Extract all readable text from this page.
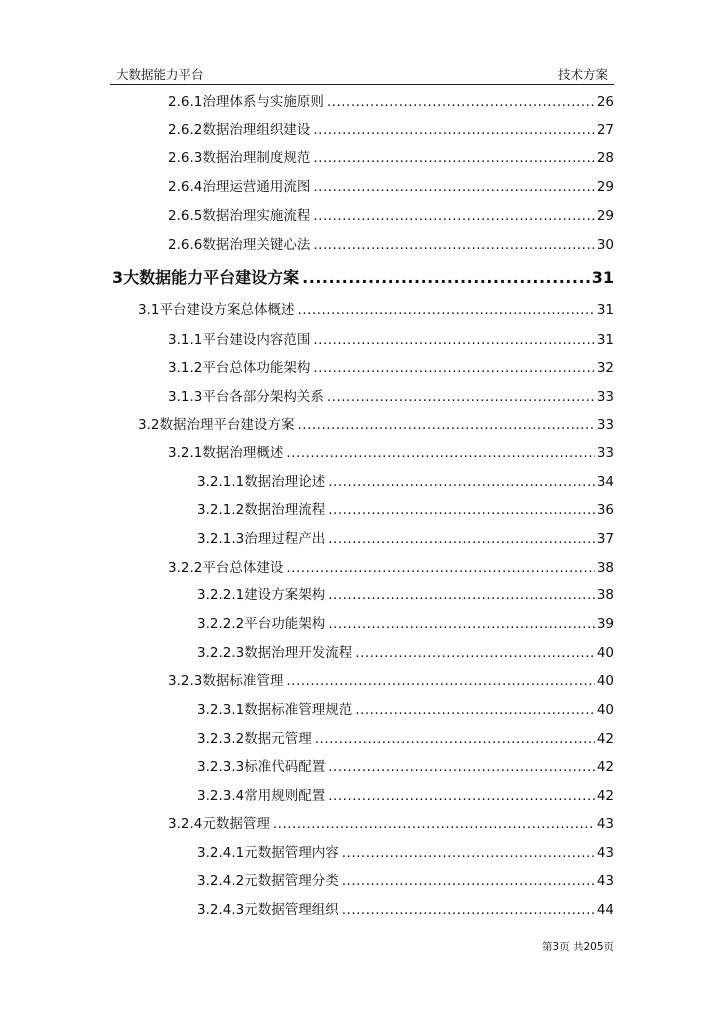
大数据能力平台	技术方案
2.6.1 治理体系与实施原则 .....	26
2.6.2 数据治理组织建设 .....	27
2.6.3 数据治理制度规范 .....	28
2.6.4 治理运营通用流图 .....	29
2.6.5 数据治理实施流程 .....	29
2.6.6 数据治理关键心法 .....	30
3 大数据能力平台建设方案 .....	31
3.1 平台建设方案总体概述 .....	31
3.1.1 平台建设内容范围 .....	31
3.1.2 平台总体功能架构 .....	32
3.1.3 平台各部分架构关系 .....	33
3.2 数据治理平台建设方案 .....	33
3.2.1 数据治理概述 .....	33
3.2.1.1 数据治理论述 .....	34
3.2.1.2 数据治理流程 .....	36
3.2.1.3 治理过程产出 .....	37
3.2.2 平台总体建设 .....	38
3.2.2.1 建设方案架构 .....	38
3.2.2.2 平台功能架构 .....	39
3.2.2.3 数据治理开发流程 .....	40
3.2.3 数据标准管理 .....	40
3.2.3.1 数据标准管理规范 .....	40
3.2.3.2 数据元管理 .....	42
3.2.3.3 标准代码配置 .....	42
3.2.3.4 常用规则配置 .....	42
3.2.4 元数据管理 .....	43
3.2.4.1 元数据管理内容 .....	43
3.2.4.2 元数据管理分类 .....	43
3.2.4.3 元数据管理组织 .....	44
第3页 共205页
